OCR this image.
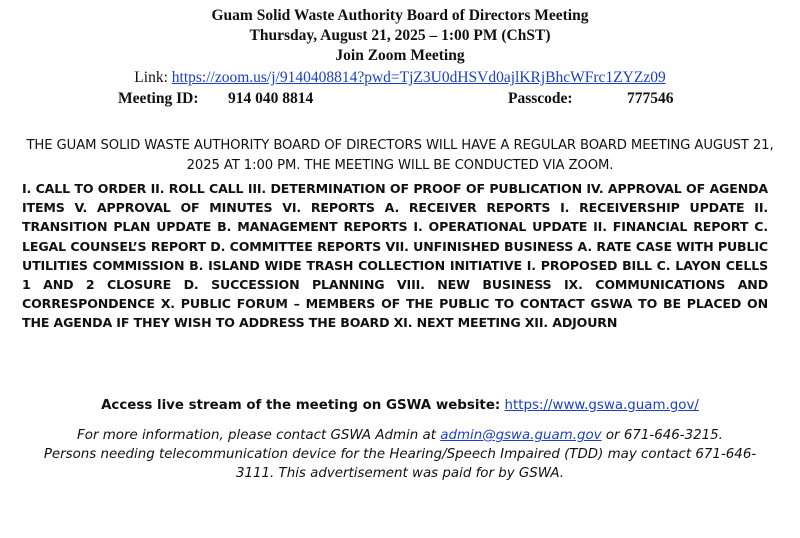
Guam Solid Waste Authority Board of Directors Meeting
Thursday, August 21, 2025 – 1:00 PM (ChST)
Join Zoom Meeting
Link: https://zoom.us/j/9140408814?pwd=TjZ3U0dHSVd0ajlKRjBhcWFrc1ZYZz09
Meeting ID: 914 040 8814	Passcode:	777546
THE GUAM SOLID WASTE AUTHORITY BOARD OF DIRECTORS WILL HAVE A REGULAR BOARD MEETING AUGUST 21, 2025 AT 1:00 PM. THE MEETING WILL BE CONDUCTED VIA ZOOM.
I. CALL TO ORDER II. ROLL CALL III. DETERMINATION OF PROOF OF PUBLICATION IV. APPROVAL OF AGENDA ITEMS V. APPROVAL OF MINUTES VI. REPORTS A. RECEIVER REPORTS I. RECEIVERSHIP UPDATE II. TRANSITION PLAN UPDATE B. MANAGEMENT REPORTS I. OPERATIONAL UPDATE II. FINANCIAL REPORT C. LEGAL COUNSEL’S REPORT D. COMMITTEE REPORTS VII. UNFINISHED BUSINESS A. RATE CASE WITH PUBLIC UTILITIES COMMISSION B. ISLAND WIDE TRASH COLLECTION INITIATIVE I. PROPOSED BILL C. LAYON CELLS 1 AND 2 CLOSURE D. SUCCESSION PLANNING VIII. NEW BUSINESS IX. COMMUNICATIONS AND CORRESPONDENCE X. PUBLIC FORUM – MEMBERS OF THE PUBLIC TO CONTACT GSWA TO BE PLACED ON THE AGENDA IF THEY WISH TO ADDRESS THE BOARD XI. NEXT MEETING XII. ADJOURN
Access live stream of the meeting on GSWA website: https://www.gswa.guam.gov/

For more information, please contact GSWA Admin at admin@gswa.guam.gov or 671-646-3215.

Persons needing telecommunication device for the Hearing/Speech Impaired (TDD) may contact 671-646-3111. This advertisement was paid for by GSWA.
